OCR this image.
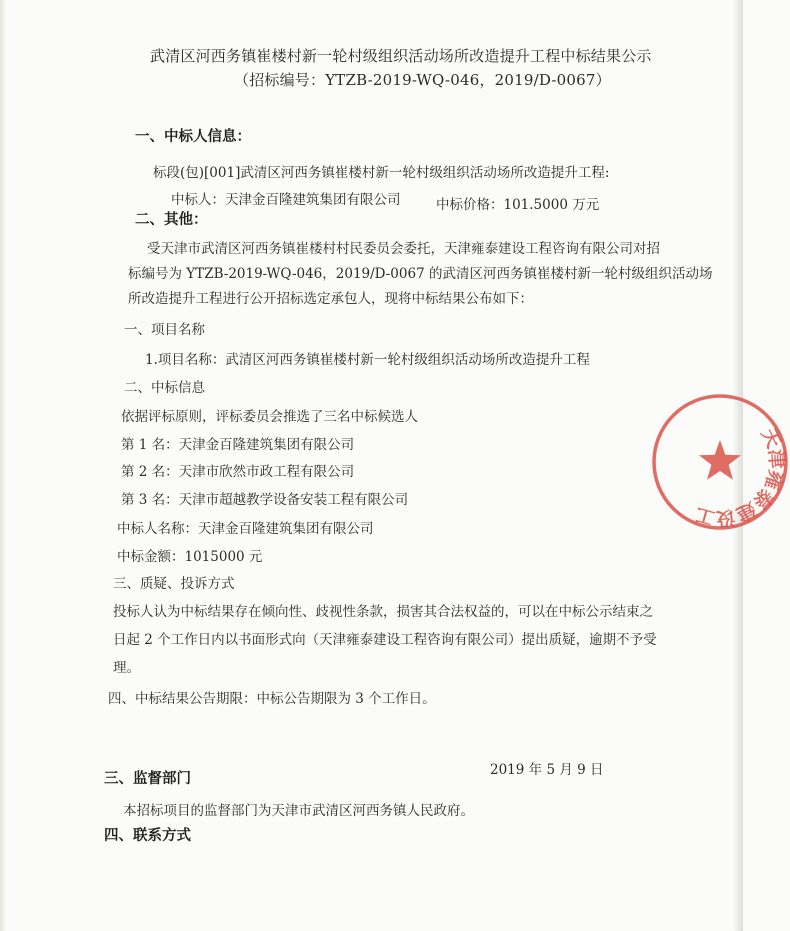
武清区河西务镇崔楼村新一轮村级组织活动场所改造提升工程中标结果公示
（招标编号：YTZB-2019-WQ-046，2019/D-0067）
一、中标人信息：
标段(包)[001]武清区河西务镇崔楼村新一轮村级组织活动场所改造提升工程:
中标人：天津金百隆建筑集团有限公司	中标价格：101.5000 万元
二、其他：
受天津市武清区河西务镇崔楼村村民委员会委托，天津雍泰建设工程咨询有限公司对招
标编号为 YTZB-2019-WQ-046，2019/D-0067 的武清区河西务镇崔楼村新一轮村级组织活动场
所改造提升工程进行公开招标选定承包人，现将中标结果公布如下：
一、项目名称
1.项目名称：武清区河西务镇崔楼村新一轮村级组织活动场所改造提升工程
二、中标信息
依据评标原则，评标委员会推选了三名中标候选人
第 1 名：天津金百隆建筑集团有限公司
第 2 名：天津市欣然市政工程有限公司
第 3 名：天津市超越教学设备安装工程有限公司
中标人名称：天津金百隆建筑集团有限公司
中标金额：1015000 元
三、质疑、投诉方式
投标人认为中标结果存在倾向性、歧视性条款，损害其合法权益的，可以在中标公示结束之
日起 2 个工作日内以书面形式向（天津雍泰建设工程咨询有限公司）提出质疑，逾期不予受
理。
四、中标结果公告期限：中标公告期限为 3 个工作日。
2019 年 5 月 9 日
三、监督部门
本招标项目的监督部门为天津市武清区河西务镇人民政府。
四、联系方式
天津雍泰建设工
